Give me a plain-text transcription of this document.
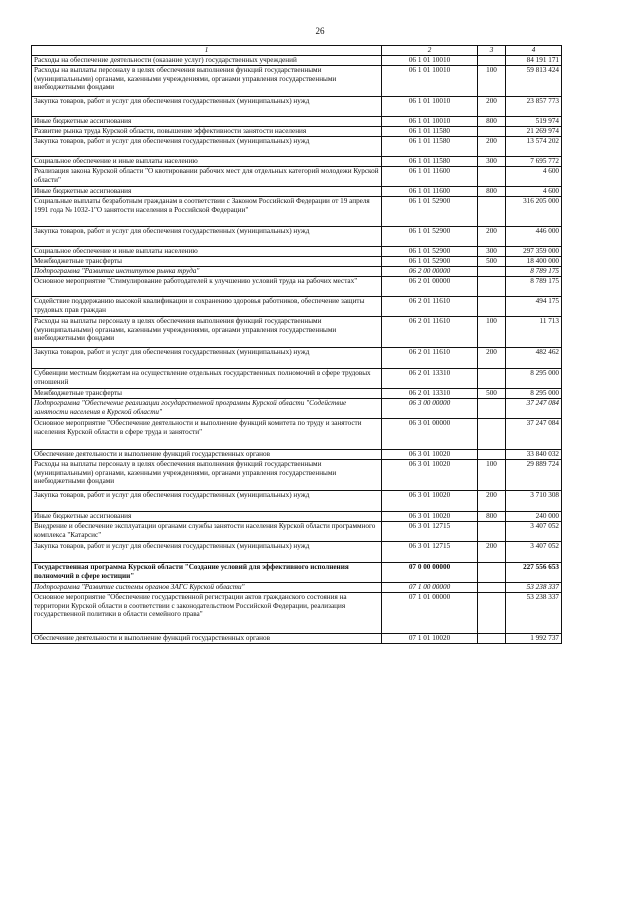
26
1	2	3	4
Расходы на обеспечение деятельности (оказание услуг) государственных учреждений	06 1 01 10010		84 191 171
Расходы на выплаты персоналу в целях обеспечения выполнения функций государственными (муниципальными) органами, казенными учреждениями, органами управления государственными внебюджетными фондами	06 1 01 10010	100	59 813 424
Закупка товаров, работ и услуг для обеспечения государственных (муниципальных) нужд	06 1 01 10010	200	23 857 773
Иные бюджетные ассигнования	06 1 01 10010	800	519 974
Развитие рынка труда Курской области, повышение эффективности занятости населения	06 1 01 11580		21 269 974
Закупка товаров, работ и услуг для обеспечения государственных (муниципальных) нужд	06 1 01 11580	200	13 574 202
Социальное обеспечение и иные выплаты населению	06 1 01 11580	300	7 695 772
Реализация закона Курской области "О квотировании рабочих мест для отдельных категорий молодежи Курской области"	06 1 01 11600		4 600
Иные бюджетные ассигнования	06 1 01 11600	800	4 600
Социальные выплаты безработным гражданам в соответствии с Законом Российской Федерации от 19 апреля 1991 года № 1032-1"О занятости населения в Российской Федерации"	06 1 01 52900		316 205 000
Закупка товаров, работ и услуг для обеспечения государственных (муниципальных) нужд	06 1 01 52900	200	446 000
Социальное обеспечение и иные выплаты населению	06 1 01 52900	300	297 359 000
Межбюджетные трансферты	06 1 01 52900	500	18 400 000
Подпрограмма "Развитие институтов рынка труда"	06 2 00 00000		8 789 175
Основное мероприятие "Стимулирование работодателей к улучшению условий труда на рабочих местах"	06 2 01 00000		8 789 175
Содействие поддержанию высокой квалификации и сохранению здоровья работников, обеспечение защиты трудовых прав граждан	06 2 01 11610		494 175
Расходы на выплаты персоналу в целях обеспечения выполнения функций государственными (муниципальными) органами, казенными учреждениями, органами управления государственными внебюджетными фондами	06 2 01 11610	100	11 713
Закупка товаров, работ и услуг для обеспечения государственных (муниципальных) нужд	06 2 01 11610	200	482 462
Субвенции местным бюджетам на осуществление отдельных государственных полномочий в сфере трудовых отношений	06 2 01 13310		8 295 000
Межбюджетные трансферты	06 2 01 13310	500	8 295 000
Подпрограмма "Обеспечение реализации государственной программы Курской области "Содействие занятости населения в Курской области"	06 3 00 00000		37 247 084
Основное мероприятие "Обеспечение деятельности и выполнение функций комитета по труду и занятости населения Курской области в сфере труда и занятости"	06 3 01 00000		37 247 084
Обеспечение деятельности и выполнение функций государственных органов	06 3 01 10020		33 840 032
Расходы на выплаты персоналу в целях обеспечения выполнения функций государственными (муниципальными) органами, казенными учреждениями, органами управления государственными внебюджетными фондами	06 3 01 10020	100	29 889 724
Закупка товаров, работ и услуг для обеспечения государственных (муниципальных) нужд	06 3 01 10020	200	3 710 308
Иные бюджетные ассигнования	06 3 01 10020	800	240 000
Внедрение и обеспечение эксплуатации органами службы занятости населения Курской области программного комплекса "Катарсис"	06 3 01 12715		3 407 052
Закупка товаров, работ и услуг для обеспечения государственных (муниципальных) нужд	06 3 01 12715	200	3 407 052
Государственная программа Курской области "Создание условий для эффективного исполнения полномочий в сфере юстиции"	07 0 00 00000		227 556 653
Подпрограмма "Развитие системы органов ЗАГС Курской области"	07 1 00 00000		53 238 337
Основное мероприятие "Обеспечение государственной регистрации актов гражданского состояния на территории Курской области в соответствии с законодательством Российской Федерации, реализация государственной политики в области семейного права"	07 1 01 00000		53 238 337
Обеспечение деятельности и выполнение функций государственных органов	07 1 01 10020		1 992 737
